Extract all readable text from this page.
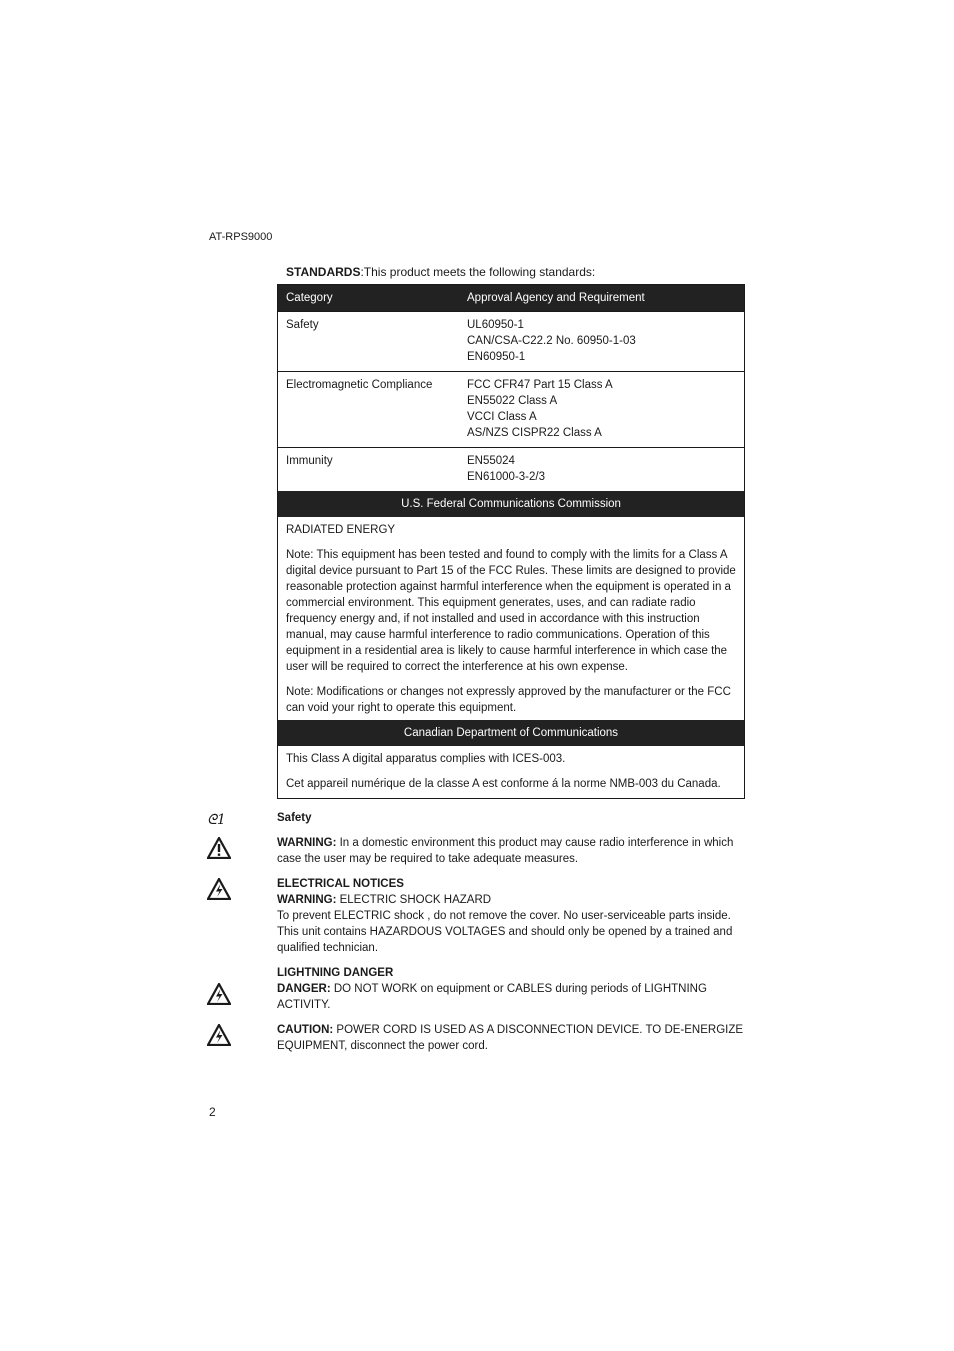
AT-RPS9000
STANDARDS:This product meets the following standards:
Category	Approval Agency and Requirement
Safety	UL60950-1
CAN/CSA-C22.2 No. 60950-1-03
EN60950-1
Electromagnetic Compliance	FCC CFR47 Part 15 Class A
EN55022 Class A
VCCI Class A
AS/NZS CISPR22 Class A
Immunity	EN55024
EN61000-3-2/3
U.S. Federal Communications Commission

RADIATED ENERGY

Note: This equipment has been tested and found to comply with the limits for a Class A digital device pursuant to Part 15 of the FCC Rules. These limits are designed to provide reasonable protection against harmful interference when the equipment is operated in a commercial environment. This equipment generates, uses, and can radiate radio frequency energy and, if not installed and used in accordance with this instruction manual, may cause harmful interference to radio communications. Operation of this equipment in a residential area is likely to cause harmful interference in which case the user will be required to correct the interference at his own expense.

Note: Modifications or changes not expressly approved by the manufacturer or the FCC can void your right to operate this equipment.

Canadian Department of Communications

This Class A digital apparatus complies with ICES-003.

Cet appareil numérique de la classe A est conforme á la norme NMB-003 du Canada.

ᘓ1	Safety
WARNING: In a domestic environment this product may cause radio interference in which case the user may be required to take adequate measures.
ELECTRICAL NOTICES
WARNING: ELECTRIC SHOCK HAZARD
To prevent ELECTRIC shock , do not remove the cover. No user-serviceable parts inside. This unit contains HAZARDOUS VOLTAGES and should only be opened by a trained and qualified technician.
LIGHTNING DANGER
DANGER: DO NOT WORK on equipment or CABLES during periods of LIGHTNING ACTIVITY.
CAUTION: POWER CORD IS USED AS A DISCONNECTION DEVICE. TO DE-ENERGIZE EQUIPMENT, disconnect the power cord.
2
